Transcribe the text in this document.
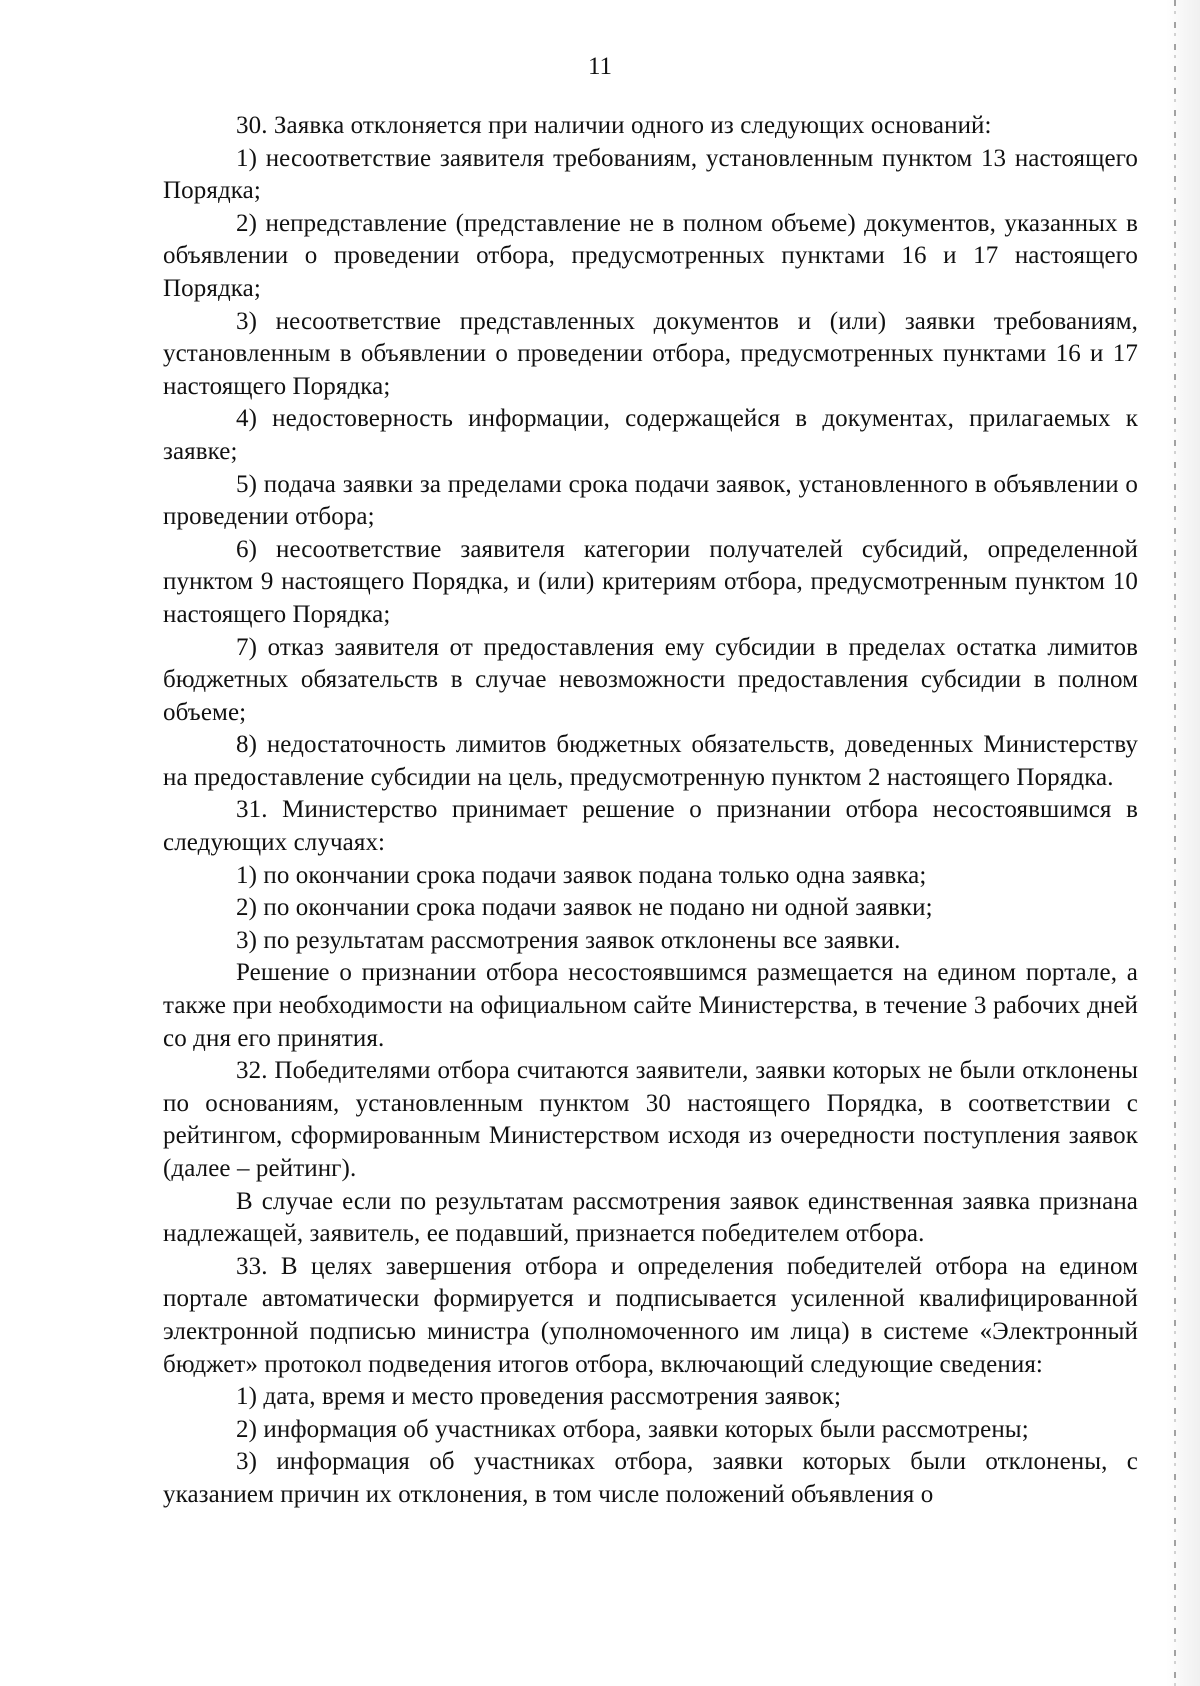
11

30. Заявка отклоняется при наличии одного из следующих оснований:

1) несоответствие заявителя требованиям, установленным пунктом 13 настоящего Порядка;

2) непредставление (представление не в полном объеме) документов, указанных в объявлении о проведении отбора, предусмотренных пунктами 16 и 17 настоящего Порядка;

3) несоответствие представленных документов и (или) заявки требованиям, установленным в объявлении о проведении отбора, предусмотренных пунктами 16 и 17 настоящего Порядка;

4) недостоверность информации, содержащейся в документах, прилагаемых к заявке;

5) подача заявки за пределами срока подачи заявок, установленного в объявлении о проведении отбора;

6) несоответствие заявителя категории получателей субсидий, определенной пунктом 9 настоящего Порядка, и (или) критериям отбора, предусмотренным пунктом 10 настоящего Порядка;

7) отказ заявителя от предоставления ему субсидии в пределах остатка лимитов бюджетных обязательств в случае невозможности предоставления субсидии в полном объеме;

8) недостаточность лимитов бюджетных обязательств, доведенных Министерству на предоставление субсидии на цель, предусмотренную пунктом 2 настоящего Порядка.

31. Министерство принимает решение о признании отбора несостоявшимся в следующих случаях:

1) по окончании срока подачи заявок подана только одна заявка;

2) по окончании срока подачи заявок не подано ни одной заявки;

3) по результатам рассмотрения заявок отклонены все заявки.

Решение о признании отбора несостоявшимся размещается на едином портале, а также при необходимости на официальном сайте Министерства, в течение 3 рабочих дней со дня его принятия.

32. Победителями отбора считаются заявители, заявки которых не были отклонены по основаниям, установленным пунктом 30 настоящего Порядка, в соответствии с рейтингом, сформированным Министерством исходя из очередности поступления заявок (далее – рейтинг).

В случае если по результатам рассмотрения заявок единственная заявка признана надлежащей, заявитель, ее подавший, признается победителем отбора.

33. В целях завершения отбора и определения победителей отбора на едином портале автоматически формируется и подписывается усиленной квалифицированной электронной подписью министра (уполномоченного им лица) в системе «Электронный бюджет» протокол подведения итогов отбора, включающий следующие сведения:

1) дата, время и место проведения рассмотрения заявок;

2) информация об участниках отбора, заявки которых были рассмотрены;

3) информация об участниках отбора, заявки которых были отклонены, с указанием причин их отклонения, в том числе положений объявления о
